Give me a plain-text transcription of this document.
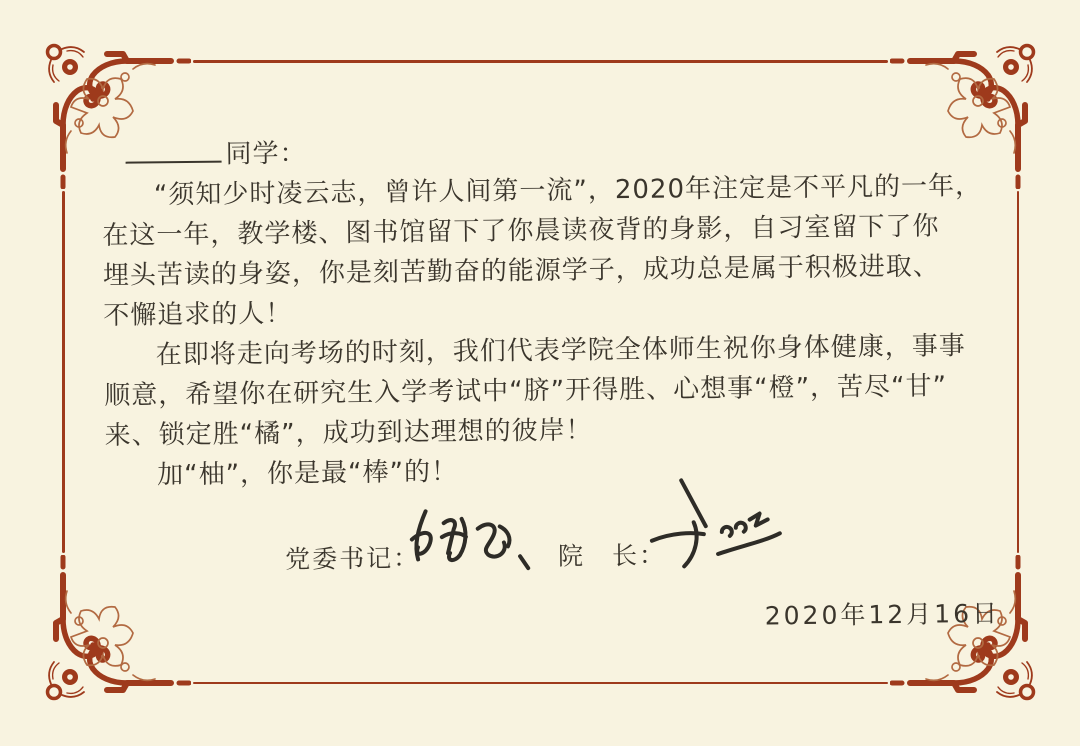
同学：
“须知少时凌云志，曾许人间第一流”，2020年注定是不平凡的一年，
在这一年，教学楼、图书馆留下了你晨读夜背的身影，自习室留下了你
埋头苦读的身姿，你是刻苦勤奋的能源学子，成功总是属于积极进取、
不懈追求的人！
在即将走向考场的时刻，我们代表学院全体师生祝你身体健康，事事
顺意，希望你在研究生入学考试中“脐”开得胜、心想事“橙”，苦尽“甘”
来、锁定胜“橘”，成功到达理想的彼岸！
加“柚”，你是最“棒”的！
党委书记：	院　长：
2020年12月16日
